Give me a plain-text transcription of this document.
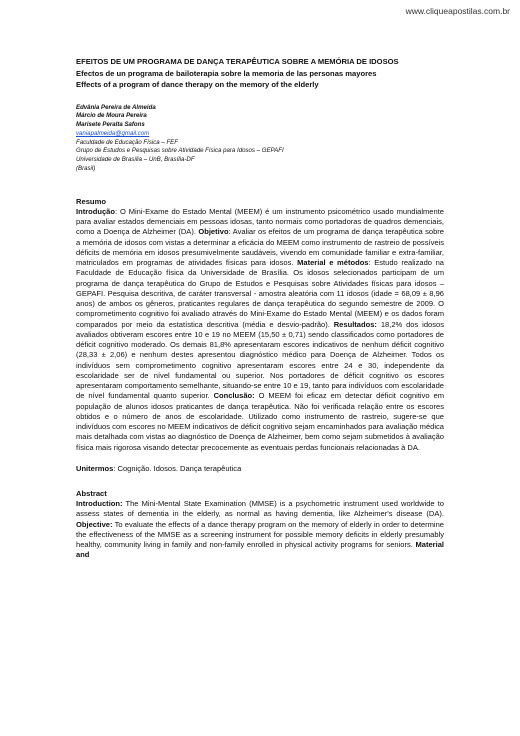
www.cliqueapostilas.com.br
EFEITOS DE UM PROGRAMA DE DANÇA TERAPÊUTICA SOBRE A MEMÓRIA DE IDOSOS
Efectos de un programa de bailoterapia sobre la memoria de las personas mayores
Effects of a program of dance therapy on the memory of the elderly
Edvânia Pereira de Almeida
Márcio de Moura Pereira
Marisete Peralta Safons
vaniapalmeida@gmail.com
Faculdade de Educação Física – FEF
Grupo de Estudos e Pesquisas sobre Atividade Física para Idosos – GEPAFI
Universidade de Brasília – UnB, Brasília-DF
(Brasil)
Resumo

Introdução: O Mini-Exame do Estado Mental (MEEM) é um instrumento psicométrico usado mundialmente para avaliar estados demenciais em pessoas idosas, tanto normais como portadoras de quadros demenciais, como a Doença de Alzheimer (DA). Objetivo: Avaliar os efeitos de um programa de dança terapêutica sobre a memória de idosos com vistas a determinar a eficácia do MEEM como instrumento de rastreio de possíveis déficits de memória em idosos presumivelmente saudáveis, vivendo em comunidade familiar e extra-familiar, matriculados em programas de atividades físicas para idosos. Material e métodos: Estudo realizado na Faculdade de Educação física da Universidade de Brasília. Os idosos selecionados participam de um programa de dança terapêutica do Grupo de Estudos e Pesquisas sobre Atividades físicas para idosos – GEPAFI. Pesquisa descritiva, de caráter transversal - amostra aleatória com 11 idosos (idade = 68,09 ± 8,96 anos) de ambos os gêneros, praticantes regulares de dança terapêutica do segundo semestre de 2009. O comprometimento cognitivo foi avaliado através do Mini-Exame do Estado Mental (MEEM) e os dados foram comparados por meio da estatística descritiva (média e desvio-padrão). Resultados: 18,2% dos idosos avaliados obtiveram escores entre 10 e 19 no MEEM (15,50 ± 0,71) sendo classificados como portadores de déficit cognitivo moderado. Os demais 81,8% apresentaram escores indicativos de nenhum déficit cognitivo (28,33 ± 2,06) e nenhum destes apresentou diagnóstico médico para Doença de Alzheimer. Todos os indivíduos sem comprometimento cognitivo apresentaram escores entre 24 e 30, independente da escolaridade ser de nível fundamental ou superior. Nos portadores de déficit cognitivo os escores apresentaram comportamento semelhante, situando-se entre 10 e 19, tanto para indivíduos com escolaridade de nível fundamental quanto superior. Conclusão: O MEEM foi eficaz em detectar déficit cognitivo em população de alunos idosos praticantes de dança terapêutica. Não foi verificada relação entre os escores obtidos e o número de anos de escolaridade. Utilizado como instrumento de rastreio, sugere-se que indivíduos com escores no MEEM indicativos de déficit cognitivo sejam encaminhados para avaliação médica mais detalhada com vistas ao diagnóstico de Doença de Alzheimer, bem como sejam submetidos à avaliação física mais rigorosa visando detectar precocemente as eventuais perdas funcionais relacionadas à DA.

Unitermos: Cognição. Idosos. Dança terapêutica
Abstract

Introduction: The Mini-Mental State Examination (MMSE) is a psychometric instrument used worldwide to assess states of dementia in the elderly, as normal as having dementia, like Alzheimer's disease (DA). Objective: To evaluate the effects of a dance therapy program on the memory of elderly in order to determine the effectiveness of the MMSE as a screening instrument for possible memory deficits in elderly presumably healthy, community living in family and non-family enrolled in physical activity programs for seniors. Material and
